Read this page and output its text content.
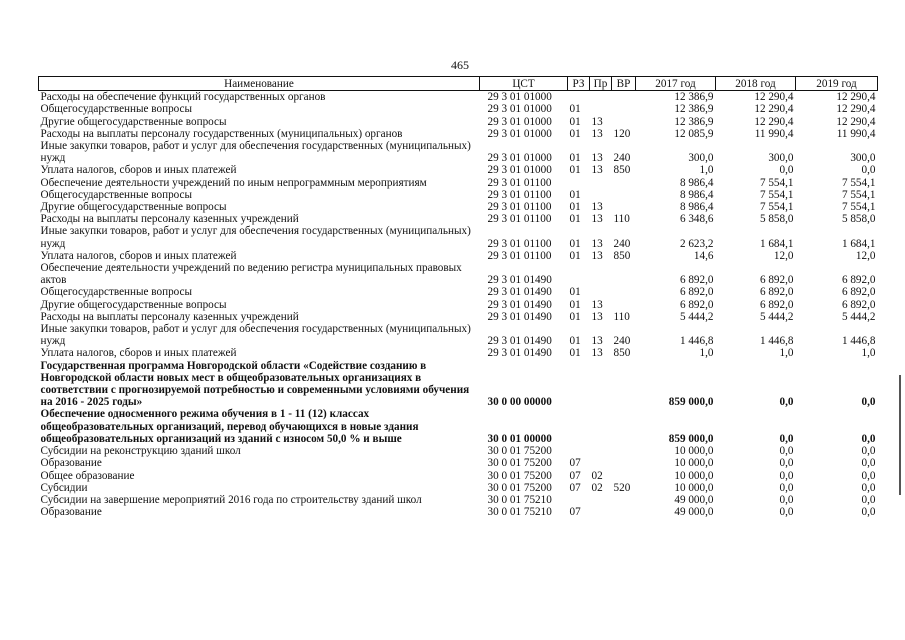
465
Наименование	ЦСТ	РЗ	Пр	ВР	2017 год	2018 год	2019 год
Расходы на обеспечение функций государственных органов	29 3 01 01000				12 386,9	12 290,4	12 290,4
Общегосударственные вопросы	29 3 01 01000	01			12 386,9	12 290,4	12 290,4
Другие общегосударственные вопросы	29 3 01 01000	01	13		12 386,9	12 290,4	12 290,4
Расходы на выплаты персоналу государственных (муниципальных) органов	29 3 01 01000	01	13	120	12 085,9	11 990,4	11 990,4
Иные закупки товаров, работ и услуг для обеспечения государственных (муниципальных) нужд	29 3 01 01000	01	13	240	300,0	300,0	300,0
Уплата налогов, сборов и иных платежей	29 3 01 01000	01	13	850	1,0	0,0	0,0
Обеспечение деятельности учреждений по иным непрограммным мероприятиям	29 3 01 01100				8 986,4	7 554,1	7 554,1
Общегосударственные вопросы	29 3 01 01100	01			8 986,4	7 554,1	7 554,1
Другие общегосударственные вопросы	29 3 01 01100	01	13		8 986,4	7 554,1	7 554,1
Расходы на выплаты персоналу казенных учреждений	29 3 01 01100	01	13	110	6 348,6	5 858,0	5 858,0
Иные закупки товаров, работ и услуг для обеспечения государственных (муниципальных) нужд	29 3 01 01100	01	13	240	2 623,2	1 684,1	1 684,1
Уплата налогов, сборов и иных платежей	29 3 01 01100	01	13	850	14,6	12,0	12,0
Обеспечение деятельности учреждений по ведению регистра муниципальных правовых актов	29 3 01 01490				6 892,0	6 892,0	6 892,0
Общегосударственные вопросы	29 3 01 01490	01			6 892,0	6 892,0	6 892,0
Другие общегосударственные вопросы	29 3 01 01490	01	13		6 892,0	6 892,0	6 892,0
Расходы на выплаты персоналу казенных учреждений	29 3 01 01490	01	13	110	5 444,2	5 444,2	5 444,2
Иные закупки товаров, работ и услуг для обеспечения государственных (муниципальных) нужд	29 3 01 01490	01	13	240	1 446,8	1 446,8	1 446,8
Уплата налогов, сборов и иных платежей	29 3 01 01490	01	13	850	1,0	1,0	1,0
Государственная программа Новгородской области «Содействие созданию в Новгородской области новых мест в общеобразовательных организациях в соответствии с прогнозируемой потребностью и современными условиями обучения на 2016 - 2025 годы»	30 0 00 00000				859 000,0	0,0	0,0
Обеспечение односменного режима обучения в 1 - 11 (12) классах общеобразовательных организаций, перевод обучающихся в новые здания общеобразовательных организаций из зданий с износом 50,0 % и выше	30 0 01 00000				859 000,0	0,0	0,0
Субсидии на реконструкцию зданий школ	30 0 01 75200				10 000,0	0,0	0,0
Образование	30 0 01 75200	07			10 000,0	0,0	0,0
Общее образование	30 0 01 75200	07	02		10 000,0	0,0	0,0
Субсидии	30 0 01 75200	07	02	520	10 000,0	0,0	0,0
Субсидии на завершение мероприятий 2016 года по строительству зданий школ	30 0 01 75210				49 000,0	0,0	0,0
Образование	30 0 01 75210	07			49 000,0	0,0	0,0
